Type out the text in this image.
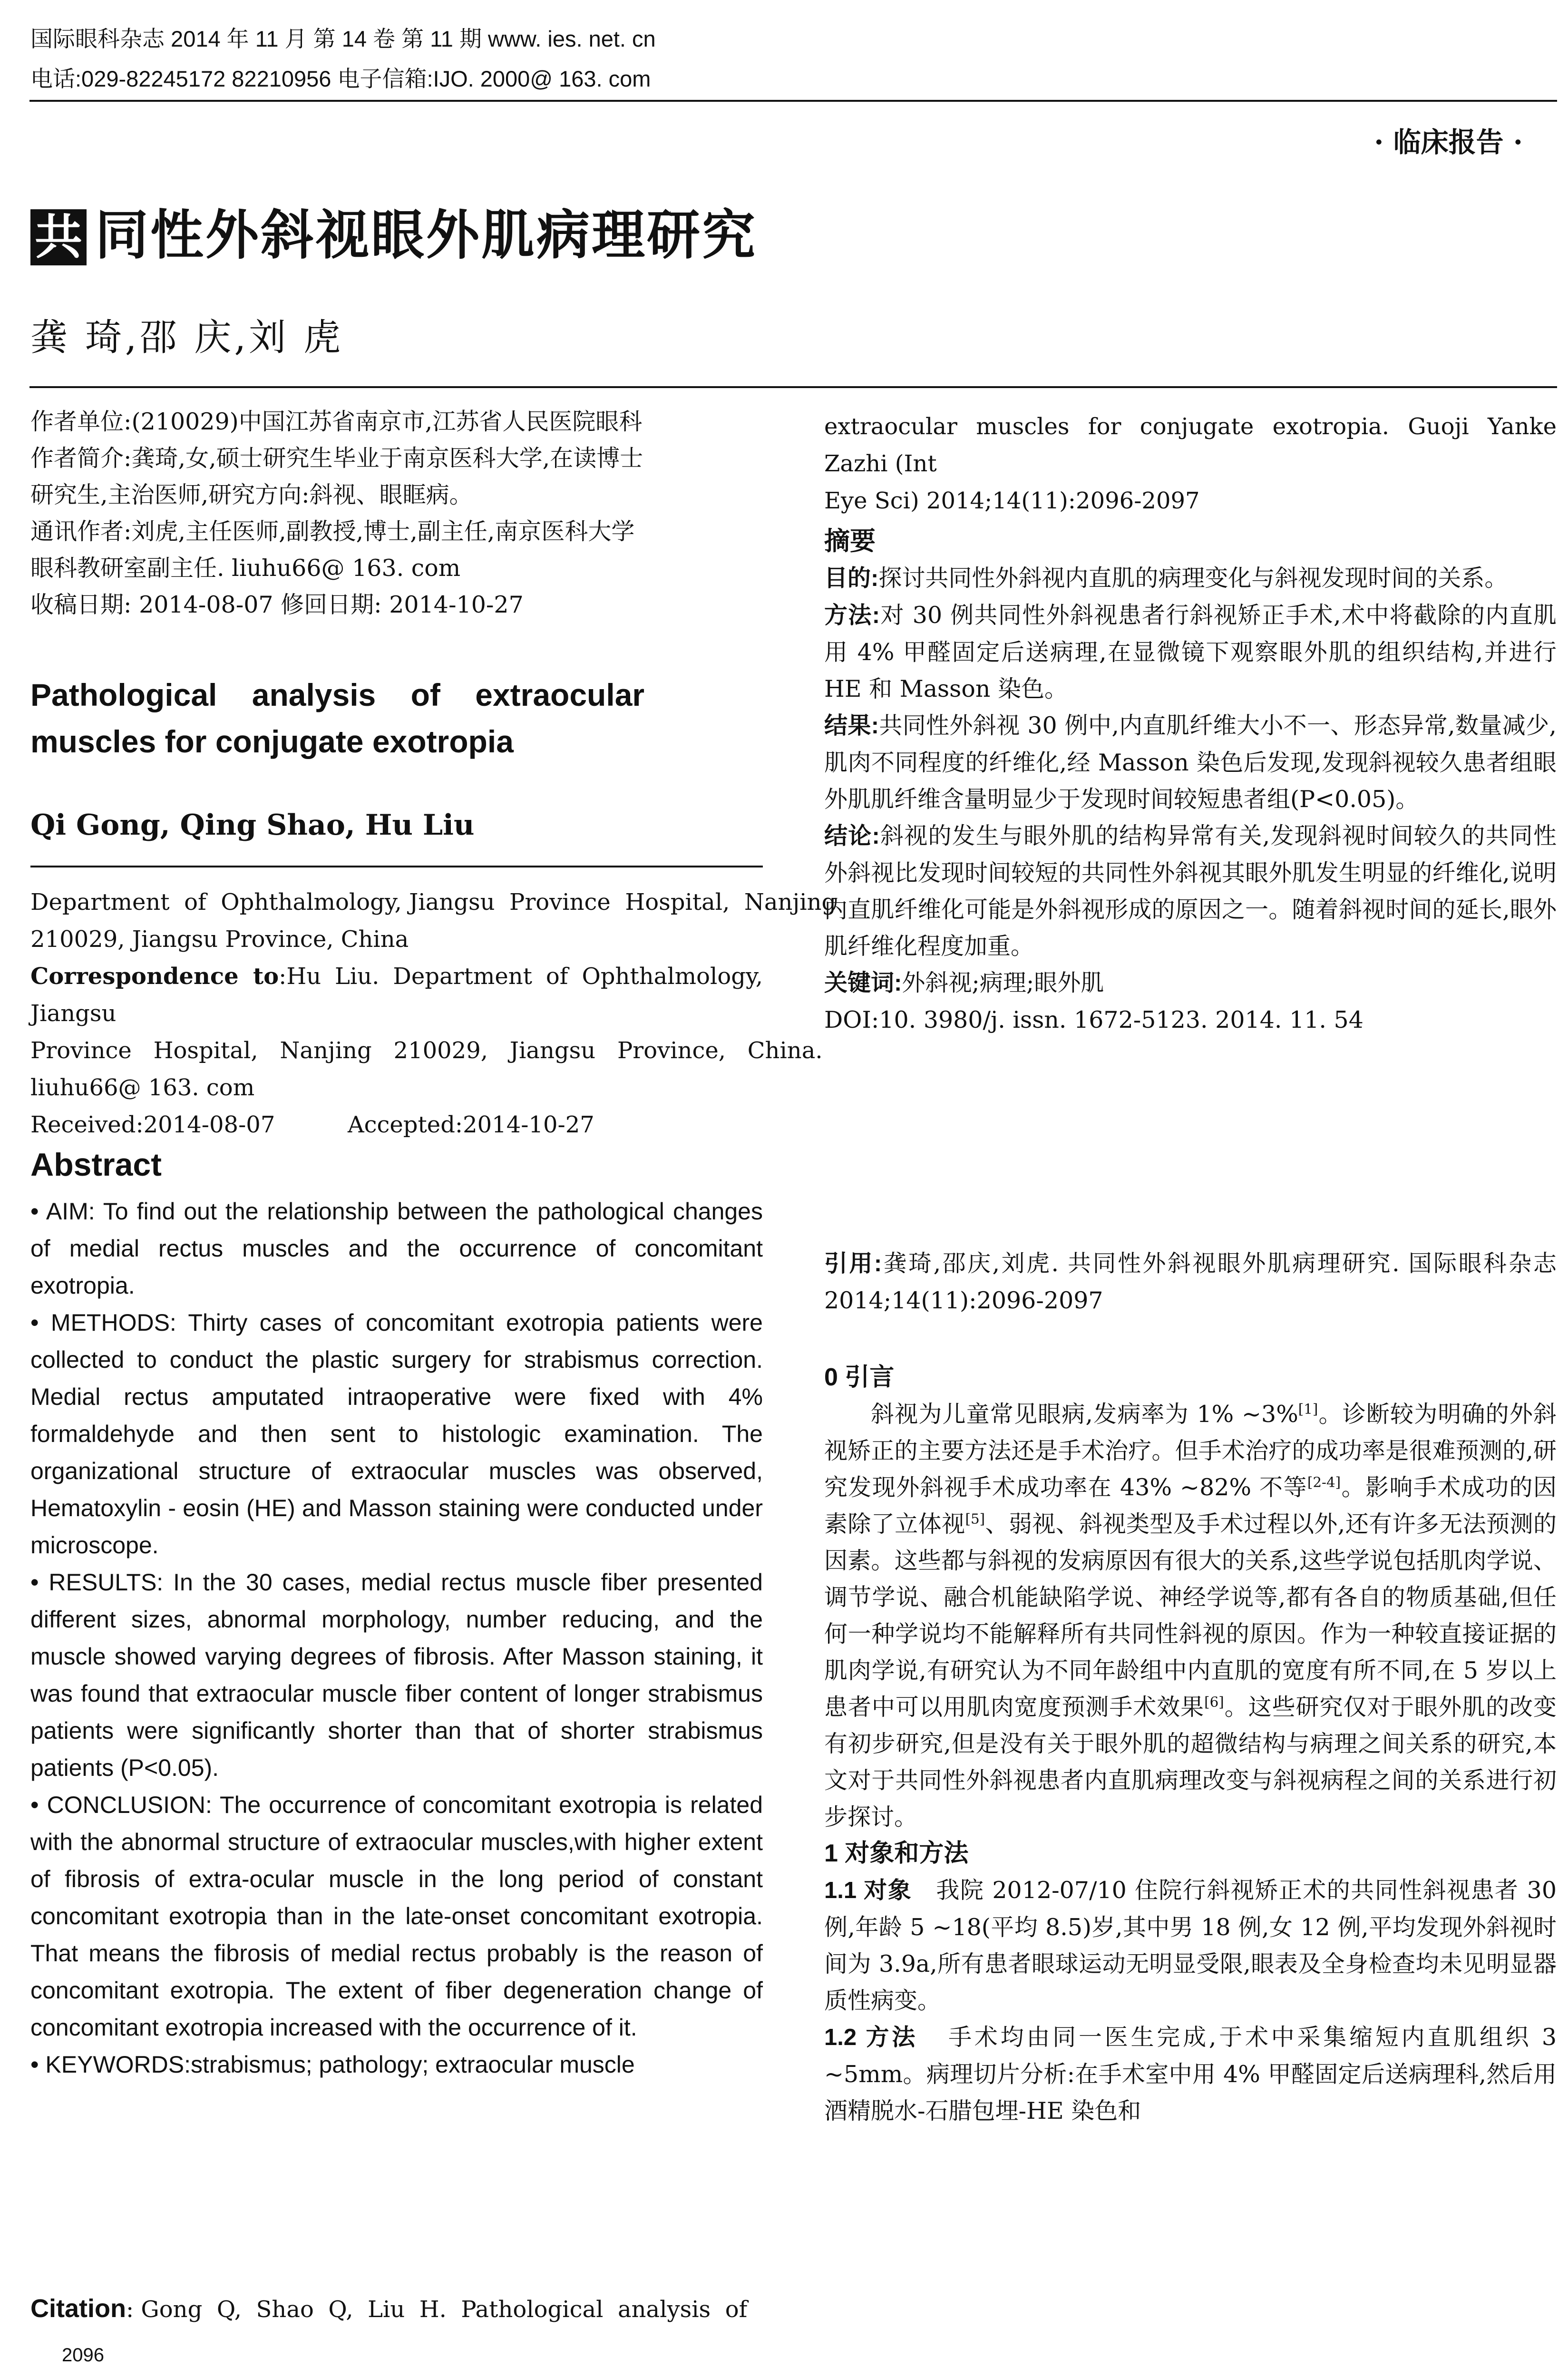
国际眼科杂志 2014 年 11 月 第 14 卷 第 11 期 www. ies. net. cn
电话:029-82245172 82210956 电子信箱:IJO. 2000@ 163. com
· 临床报告 ·
共 同性外斜视眼外肌病理研究
龚 琦,邵 庆,刘 虎

作者单位:(210029)中国江苏省南京市,江苏省人民医院眼科

作者简介:龚琦,女,硕士研究生毕业于南京医科大学,在读博士

研究生,主治医师,研究方向:斜视、眼眶病。

通讯作者:刘虎,主任医师,副教授,博士,副主任,南京医科大学

眼科教研室副主任. liuhu66@ 163. com

收稿日期: 2014-08-07 修回日期: 2014-10-27

Pathological    analysis    of    extraocular
muscles for conjugate exotropia
Qi Gong, Qing Shao, Hu Liu

Department  of  Ophthalmology, Jiangsu  Province  Hospital,  Nanjing

210029, Jiangsu Province, China

Correspondence to:Hu Liu. Department of Ophthalmology, Jiangsu

Province   Hospital,   Nanjing   210029,   Jiangsu   Province,   China.

liuhu66@ 163. com

Received:2014-08-07          Accepted:2014-10-27

Abstract

• AIM: To find out the relationship between the pathological changes of medial rectus muscles and the occurrence of concomitant exotropia.

• METHODS: Thirty cases of concomitant exotropia patients were collected to conduct the plastic surgery for strabismus correction. Medial rectus amputated intraoperative were fixed with 4% formaldehyde and then sent to histologic examination. The organizational structure of extraocular muscles was observed, Hematoxylin - eosin (HE) and Masson staining were conducted under microscope.

• RESULTS: In the 30 cases, medial rectus muscle fiber presented different sizes, abnormal morphology, number reducing, and the muscle showed varying degrees of fibrosis. After Masson staining, it was found that extraocular muscle fiber content of longer strabismus patients were significantly shorter than that of shorter strabismus patients (P<0.05).

• CONCLUSION: The occurrence of concomitant exotropia is related with the abnormal structure of extraocular muscles,with higher extent of fibrosis of extra-ocular muscle in the long period of constant concomitant exotropia than in the late-onset concomitant exotropia. That means the fibrosis of medial rectus probably is the reason of concomitant exotropia. The extent of fiber degeneration change of concomitant exotropia increased with the occurrence of it.

• KEYWORDS:strabismus; pathology; extraocular muscle

Citation: Gong  Q,  Shao  Q,  Liu  H.  Pathological  analysis  of

extraocular muscles for conjugate exotropia. Guoji Yanke Zazhi (Int

Eye Sci) 2014;14(11):2096-2097

摘要

目的:探讨共同性外斜视内直肌的病理变化与斜视发现时间的关系。

方法:对 30 例共同性外斜视患者行斜视矫正手术,术中将截除的内直肌用 4% 甲醛固定后送病理,在显微镜下观察眼外肌的组织结构,并进行 HE 和 Masson 染色。

结果:共同性外斜视 30 例中,内直肌纤维大小不一、形态异常,数量减少,肌肉不同程度的纤维化,经 Masson 染色后发现,发现斜视较久患者组眼外肌肌纤维含量明显少于发现时间较短患者组(P<0.05)。

结论:斜视的发生与眼外肌的结构异常有关,发现斜视时间较久的共同性外斜视比发现时间较短的共同性外斜视其眼外肌发生明显的纤维化,说明内直肌纤维化可能是外斜视形成的原因之一。随着斜视时间的延长,眼外肌纤维化程度加重。

关键词:外斜视;病理;眼外肌

DOI:10. 3980/j. issn. 1672-5123. 2014. 11. 54

引用:龚琦,邵庆,刘虎. 共同性外斜视眼外肌病理研究. 国际眼科杂志 2014;14(11):2096-2097

0 引言

斜视为儿童常见眼病,发病率为 1% ~3%[1]。诊断较为明确的外斜视矫正的主要方法还是手术治疗。但手术治疗的成功率是很难预测的,研究发现外斜视手术成功率在 43% ~82% 不等[2-4]。影响手术成功的因素除了立体视[5]、弱视、斜视类型及手术过程以外,还有许多无法预测的因素。这些都与斜视的发病原因有很大的关系,这些学说包括肌肉学说、调节学说、融合机能缺陷学说、神经学说等,都有各自的物质基础,但任何一种学说均不能解释所有共同性斜视的原因。作为一种较直接证据的肌肉学说,有研究认为不同年龄组中内直肌的宽度有所不同,在 5 岁以上患者中可以用肌肉宽度预测手术效果[6]。这些研究仅对于眼外肌的改变有初步研究,但是没有关于眼外肌的超微结构与病理之间关系的研究,本文对于共同性外斜视患者内直肌病理改变与斜视病程之间的关系进行初步探讨。

1 对象和方法

1.1 对象 我院 2012-07/10 住院行斜视矫正术的共同性斜视患者 30 例,年龄 5 ~18(平均 8.5)岁,其中男 18 例,女 12 例,平均发现外斜视时间为 3.9a,所有患者眼球运动无明显受限,眼表及全身检查均未见明显器质性病变。

1.2 方法 手术均由同一医生完成,于术中采集缩短内直肌组织 3 ~5mm。病理切片分析:在手术室中用 4% 甲醛固定后送病理科,然后用酒精脱水-石腊包埋-HE 染色和

2096
